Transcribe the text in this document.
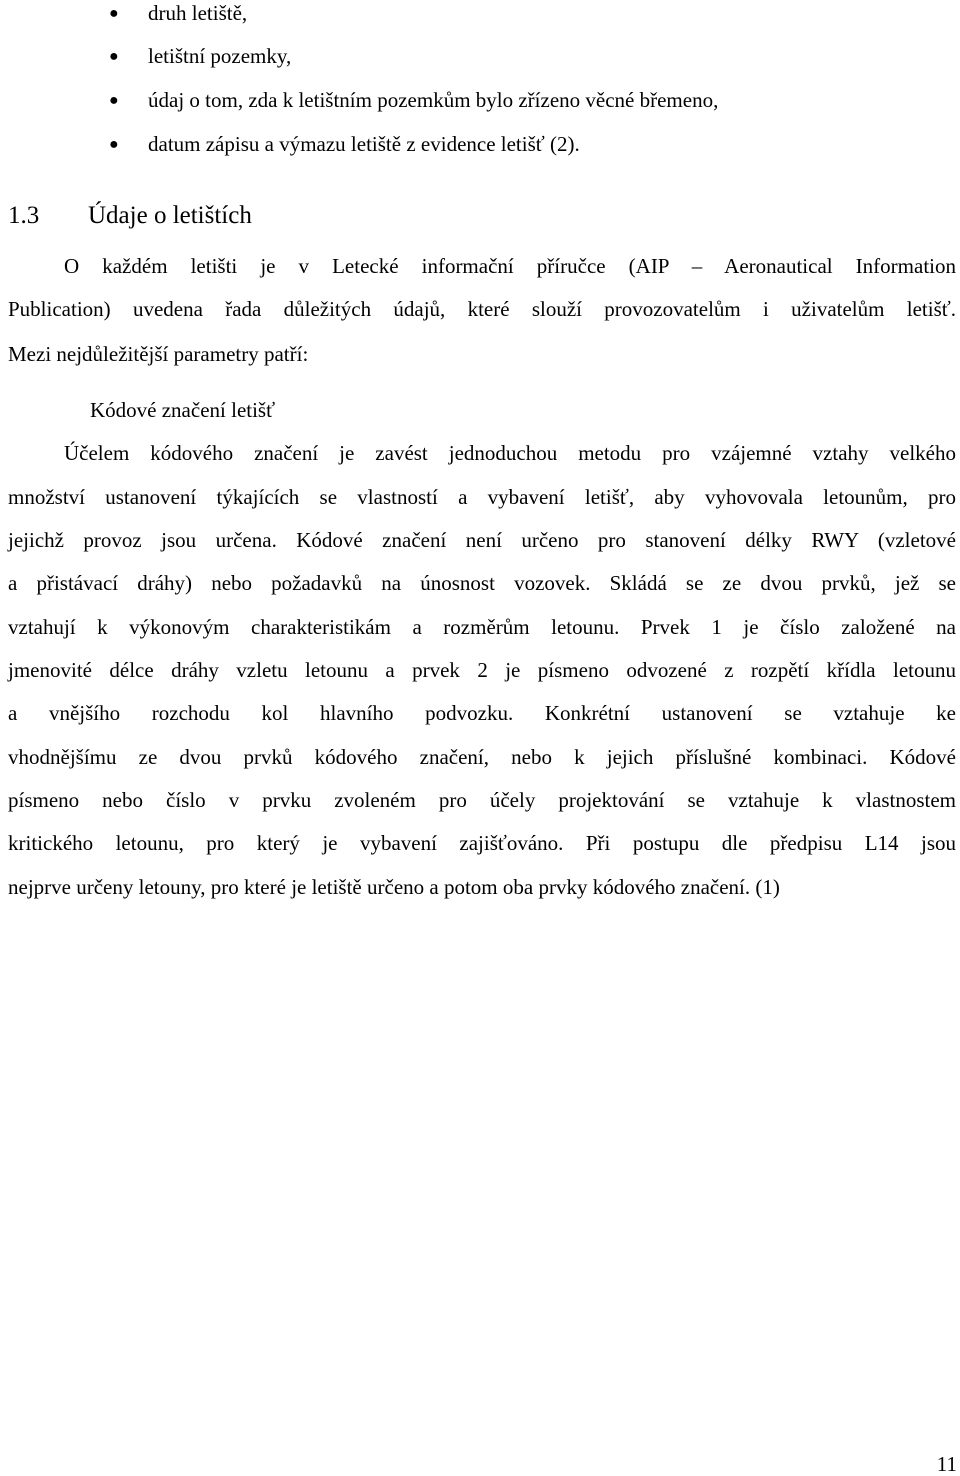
● druh letiště,
● letištní pozemky,
● údaj o tom, zda k letištním pozemkům bylo zřízeno věcné břemeno,
● datum zápisu a výmazu letiště z evidence letišť (2).
1.3 Údaje o letištích
O každém letišti je v Letecké informační příručce (AIP – Aeronautical Information
Publication) uvedena řada důležitých údajů, které slouží provozovatelům i uživatelům letišť.
Mezi nejdůležitější parametry patří:
Kódové značení letišť
Účelem kódového značení je zavést jednoduchou metodu pro vzájemné vztahy velkého
množství ustanovení týkajících se vlastností a vybavení letišť, aby vyhovovala letounům, pro
jejichž provoz jsou určena. Kódové značení není určeno pro stanovení délky RWY (vzletové
a přistávací dráhy) nebo požadavků na únosnost vozovek. Skládá se ze dvou prvků, jež se
vztahují k výkonovým charakteristikám a rozměrům letounu. Prvek 1 je číslo založené na
jmenovité délce dráhy vzletu letounu a prvek 2 je písmeno odvozené z rozpětí křídla letounu
a vnějšího rozchodu kol hlavního podvozku. Konkrétní ustanovení se vztahuje ke
vhodnějšímu ze dvou prvků kódového značení, nebo k jejich příslušné kombinaci. Kódové
písmeno nebo číslo v prvku zvoleném pro účely projektování se vztahuje k vlastnostem
kritického letounu, pro který je vybavení zajišťováno. Při postupu dle předpisu L14 jsou
nejprve určeny letouny, pro které je letiště určeno a potom oba prvky kódového značení. (1)
11
